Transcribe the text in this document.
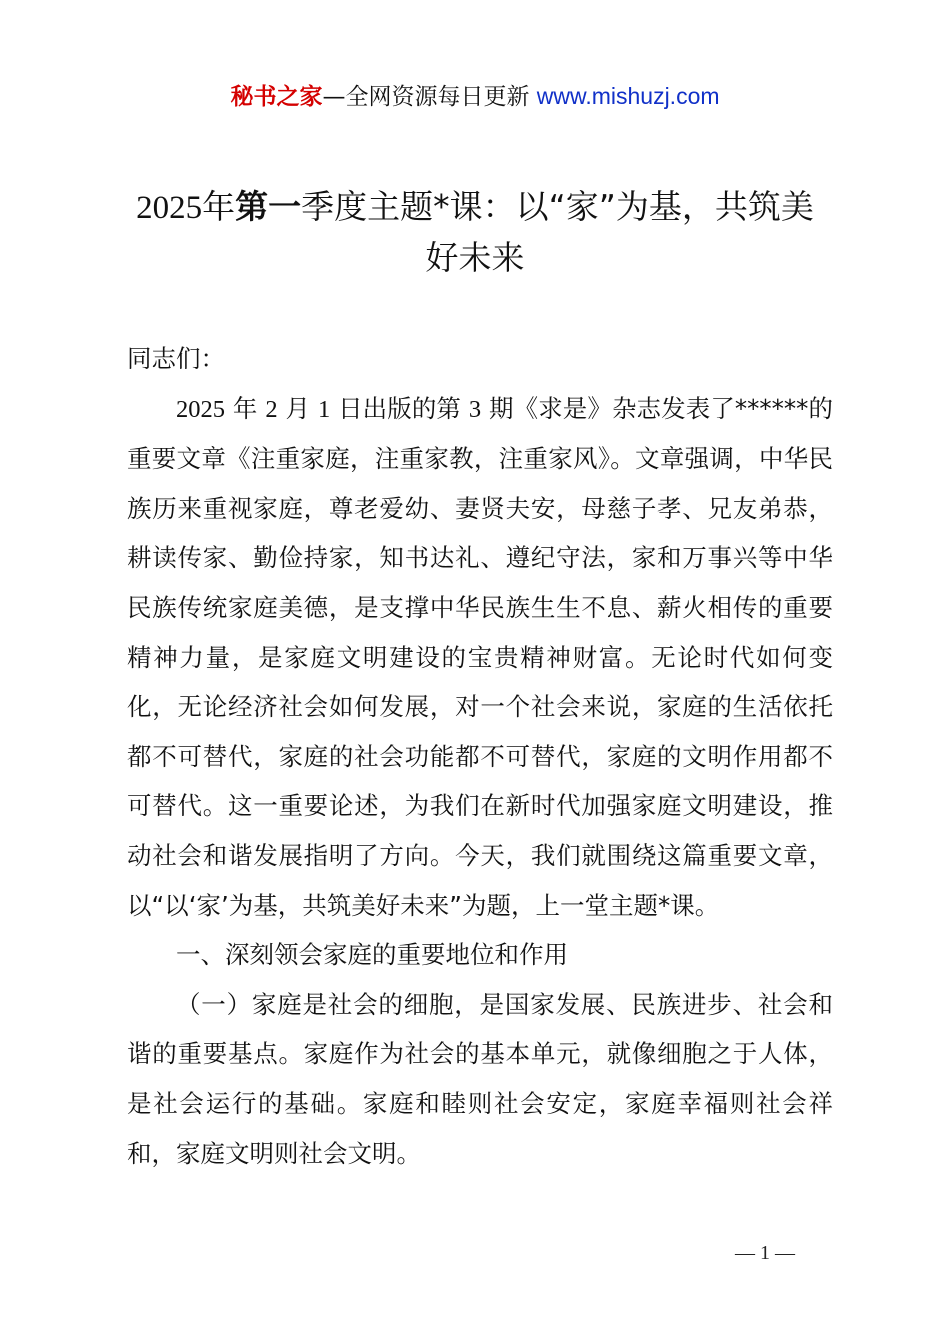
秘书之家—全网资源每日更新 www.mishuzj.com
2025年第一季度主题*课：以“家”为基，共筑美好未来

同志们：

2025 年 2 月 1 日出版的第 3 期《求是》杂志发表了******的重要文章《注重家庭，注重家教，注重家风》。文章强调，中华民族历来重视家庭，尊老爱幼、妻贤夫安，母慈子孝、兄友弟恭，耕读传家、勤俭持家，知书达礼、遵纪守法，家和万事兴等中华民族传统家庭美德，是支撑中华民族生生不息、薪火相传的重要精神力量，是家庭文明建设的宝贵精神财富。无论时代如何变化，无论经济社会如何发展，对一个社会来说，家庭的生活依托都不可替代，家庭的社会功能都不可替代，家庭的文明作用都不可替代。这一重要论述，为我们在新时代加强家庭文明建设，推动社会和谐发展指明了方向。今天，我们就围绕这篇重要文章，以“以‘家’为基，共筑美好未来”为题，上一堂主题*课。

一、深刻领会家庭的重要地位和作用

（一）家庭是社会的细胞，是国家发展、民族进步、社会和谐的重要基点。家庭作为社会的基本单元，就像细胞之于人体，是社会运行的基础。家庭和睦则社会安定，家庭幸福则社会祥和，家庭文明则社会文明。

— 1 —
